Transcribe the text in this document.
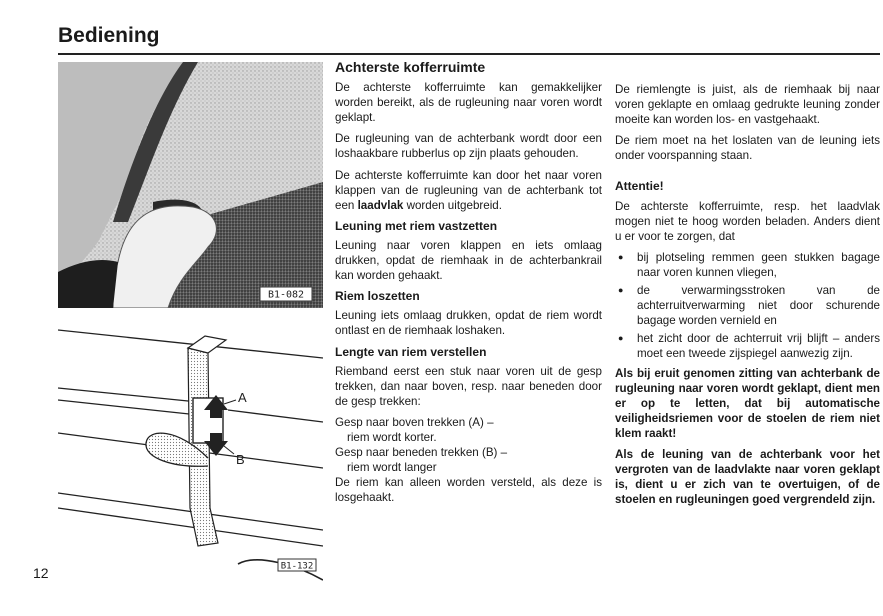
Bediening
B1-082
A
B
B1-132
Achterste kofferruimte

De achterste kofferruimte kan gemakkelijker worden bereikt, als de rugleuning naar voren wordt geklapt.

De rugleuning van de achterbank wordt door een loshaakbare rubberlus op zijn plaats gehouden.

De achterste kofferruimte kan door het naar voren klappen van de rugleuning van de achterbank tot een laadvlak worden uitgebreid.

Leuning met riem vastzetten

Leuning naar voren klappen en iets omlaag drukken, opdat de riemhaak in de achterbankrail kan worden gehaakt.

Riem loszetten

Leuning iets omlaag drukken, opdat de riem wordt ontlast en de riemhaak loshaken.

Lengte van riem verstellen

Riemband eerst een stuk naar voren uit de gesp trekken, dan naar boven, resp. naar beneden door de gesp trekken:

Gesp naar boven trekken (A) –

riem wordt korter.

Gesp naar beneden trekken (B) –

riem wordt langer

De riem kan alleen worden versteld, als deze is losgehaakt.

De riemlengte is juist, als de riemhaak bij naar voren geklapte en omlaag gedrukte leuning zonder moeite kan worden los- en vastgehaakt.

De riem moet na het loslaten van de leuning iets onder voorspanning staan.

Attentie!

De achterste kofferruimte, resp. het laadvlak mogen niet te hoog worden beladen. Anders dient u er voor te zorgen, dat

● bij plotseling remmen geen stukken bagage naar voren kunnen vliegen,
● de verwarmingsstroken van de achterruitverwarming niet door schurende bagage worden vernield en
● het zicht door de achterruit vrij blijft – anders moet een tweede zijspiegel aanwezig zijn.

Als bij eruit genomen zitting van achterbank de rugleuning naar voren wordt geklapt, dient men er op te letten, dat bij automatische veiligheidsriemen voor de stoelen de riem niet klem raakt!

Als de leuning van de achterbank voor het vergroten van de laadvlakte naar voren geklapt is, dient u er zich van te overtuigen, of de stoelen en rugleuningen goed vergrendeld zijn.

12
